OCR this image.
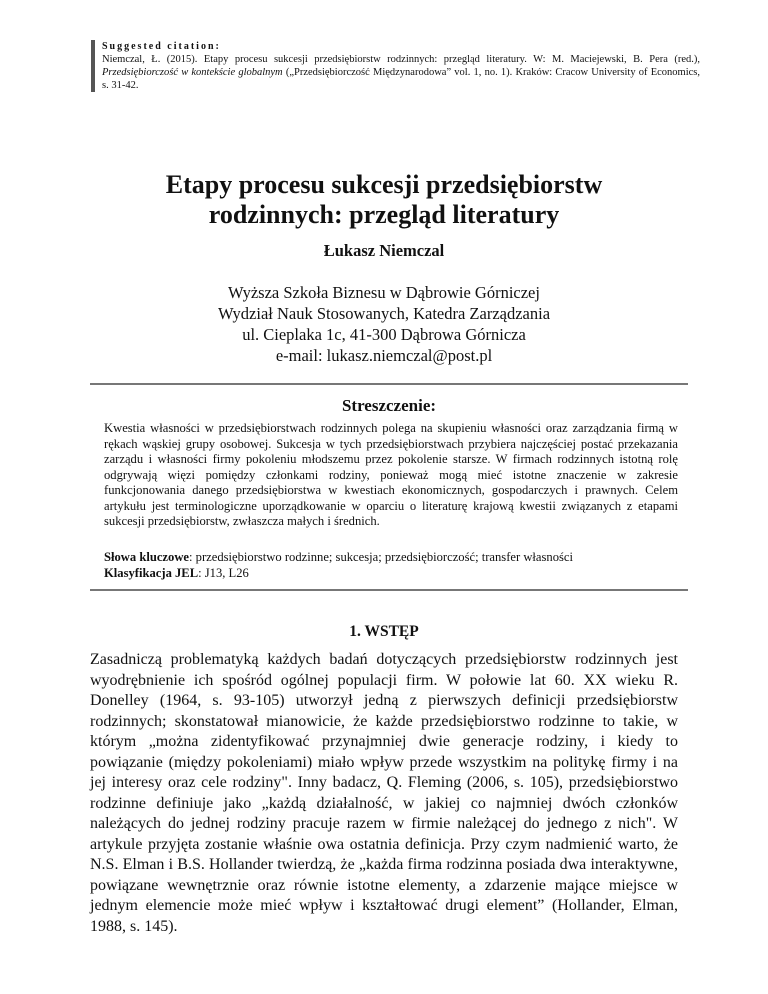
Suggested citation:
Niemczal, Ł. (2015). Etapy procesu sukcesji przedsiębiorstw rodzinnych: przegląd literatury. W: M. Maciejewski, B. Pera (red.), Przedsiębiorczość w kontekście globalnym („Przedsiębiorczość Międzynarodowa” vol. 1, no. 1). Kraków: Cracow University of Economics, s. 31-42.
Etapy procesu sukcesji przedsiębiorstw
rodzinnych: przegląd literatury
Łukasz Niemczal
Wyższa Szkoła Biznesu w Dąbrowie Górniczej
Wydział Nauk Stosowanych, Katedra Zarządzania
ul. Cieplaka 1c, 41-300 Dąbrowa Górnicza
e-mail: lukasz.niemczal@post.pl
Streszczenie:
Kwestia własności w przedsiębiorstwach rodzinnych polega na skupieniu własności oraz zarządzania firmą w rękach wąskiej grupy osobowej. Sukcesja w tych przedsiębiorstwach przybiera najczęściej postać przekazania zarządu i własności firmy pokoleniu młodszemu przez pokolenie starsze. W firmach rodzinnych istotną rolę odgrywają więzi pomiędzy członkami rodziny, ponieważ mogą mieć istotne znaczenie w zakresie funkcjonowania danego przedsiębiorstwa w kwestiach ekonomicznych, gospodarczych i prawnych. Celem artykułu jest terminologiczne uporządkowanie w oparciu o literaturę krajową kwestii związanych z etapami sukcesji przedsiębiorstw, zwłaszcza małych i średnich.
Słowa kluczowe: przedsiębiorstwo rodzinne; sukcesja; przedsiębiorczość; transfer własności
Klasyfikacja JEL: J13, L26
1. WSTĘP
Zasadniczą problematyką każdych badań dotyczących przedsiębiorstw rodzinnych jest wyodrębnienie ich spośród ogólnej populacji firm. W połowie lat 60. XX wieku R. Donelley (1964, s. 93-105) utworzył jedną z pierwszych definicji przedsiębiorstw rodzinnych; skonstatował mianowicie, że każde przedsiębiorstwo rodzinne to takie, w którym „można zidentyfikować przynajmniej dwie generacje rodziny, i kiedy to powiązanie (między pokoleniami) miało wpływ przede wszystkim na politykę firmy i na jej interesy oraz cele rodziny". Inny badacz, Q. Fleming (2006, s. 105), przedsiębiorstwo rodzinne definiuje jako „każdą działalność, w jakiej co najmniej dwóch członków należących do jednej rodziny pracuje razem w firmie należącej do jednego z nich". W artykule przyjęta zostanie właśnie owa ostatnia definicja. Przy czym nadmienić warto, że N.S. Elman i B.S. Hollander twierdzą, że „każda firma rodzinna posiada dwa interaktywne, powiązane wewnętrznie oraz równie istotne elementy, a zdarzenie mające miejsce w jednym elemencie może mieć wpływ i kształtować drugi element” (Hollander, Elman, 1988, s. 145).
